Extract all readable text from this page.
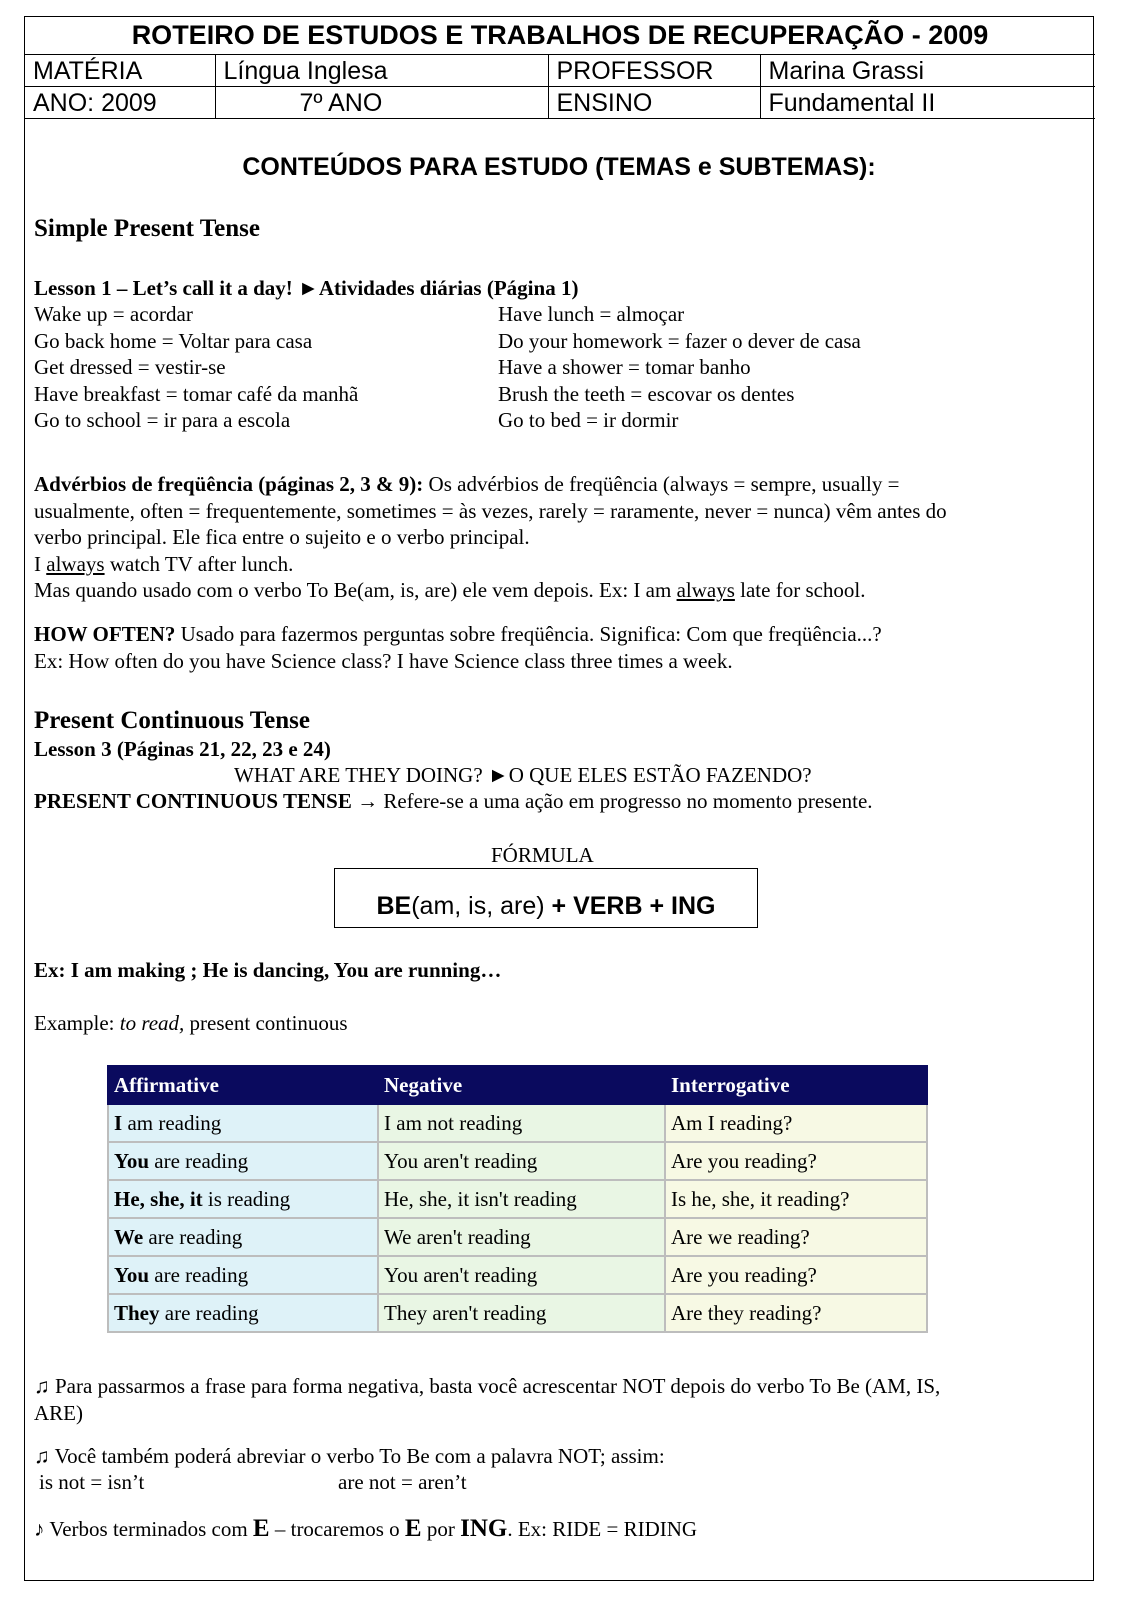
ROTEIRO DE ESTUDOS E TRABALHOS DE RECUPERAÇÃO - 2009			
MATÉRIA	Língua Inglesa	PROFESSOR	Marina Grassi
ANO: 2009	7º ANO	ENSINO	Fundamental II
CONTEÚDOS PARA ESTUDO (TEMAS e SUBTEMAS):
Simple Present Tense
Lesson 1 – Let’s call it a day! ►Atividades diárias (Página 1)
Wake up = acordar
Go back home = Voltar para casa
Get dressed = vestir-se
Have breakfast = tomar café da manhã
Go to school = ir para a escola
Have lunch = almoçar
Do your homework = fazer o dever de casa
Have a shower = tomar banho
Brush the teeth = escovar os dentes
Go to bed = ir dormir
Advérbios de freqüência (páginas 2, 3 & 9): Os advérbios de freqüência (always = sempre, usually =
usualmente, often = frequentemente, sometimes = às vezes, rarely = raramente, never = nunca) vêm antes do
verbo principal. Ele fica entre o sujeito e o verbo principal.
I always watch TV after lunch.
Mas quando usado com o verbo To Be(am, is, are) ele vem depois. Ex: I am always late for school.
HOW OFTEN? Usado para fazermos perguntas sobre freqüência. Significa: Com que freqüência...?
Ex: How often do you have Science class? I have Science class three times a week.
Present Continuous Tense
Lesson 3 (Páginas 21, 22, 23 e 24)
WHAT ARE THEY DOING? ►O QUE ELES ESTÃO FAZENDO?
PRESENT CONTINUOUS TENSE → Refere-se a uma ação em progresso no momento presente.
FÓRMULA
BE(am, is, are) + VERB + ING
Ex: I am making ; He is dancing, You are running…
Example: to read, present continuous
Affirmative	Negative	Interrogative
I am reading	I am not reading	Am I reading?
You are reading	You aren't reading	Are you reading?
He, she, it is reading	He, she, it isn't reading	Is he, she, it reading?
We are reading	We aren't reading	Are we reading?
You are reading	You aren't reading	Are you reading?
They are reading	They aren't reading	Are they reading?
♫ Para passarmos a frase para forma negativa, basta você acrescentar NOT depois do verbo To Be (AM, IS,
ARE)
♫ Você também poderá abreviar o verbo To Be com a palavra NOT; assim:
is not = isn’t	are not = aren’t
♪ Verbos terminados com E – trocaremos o E por ING. Ex: RIDE = RIDING
